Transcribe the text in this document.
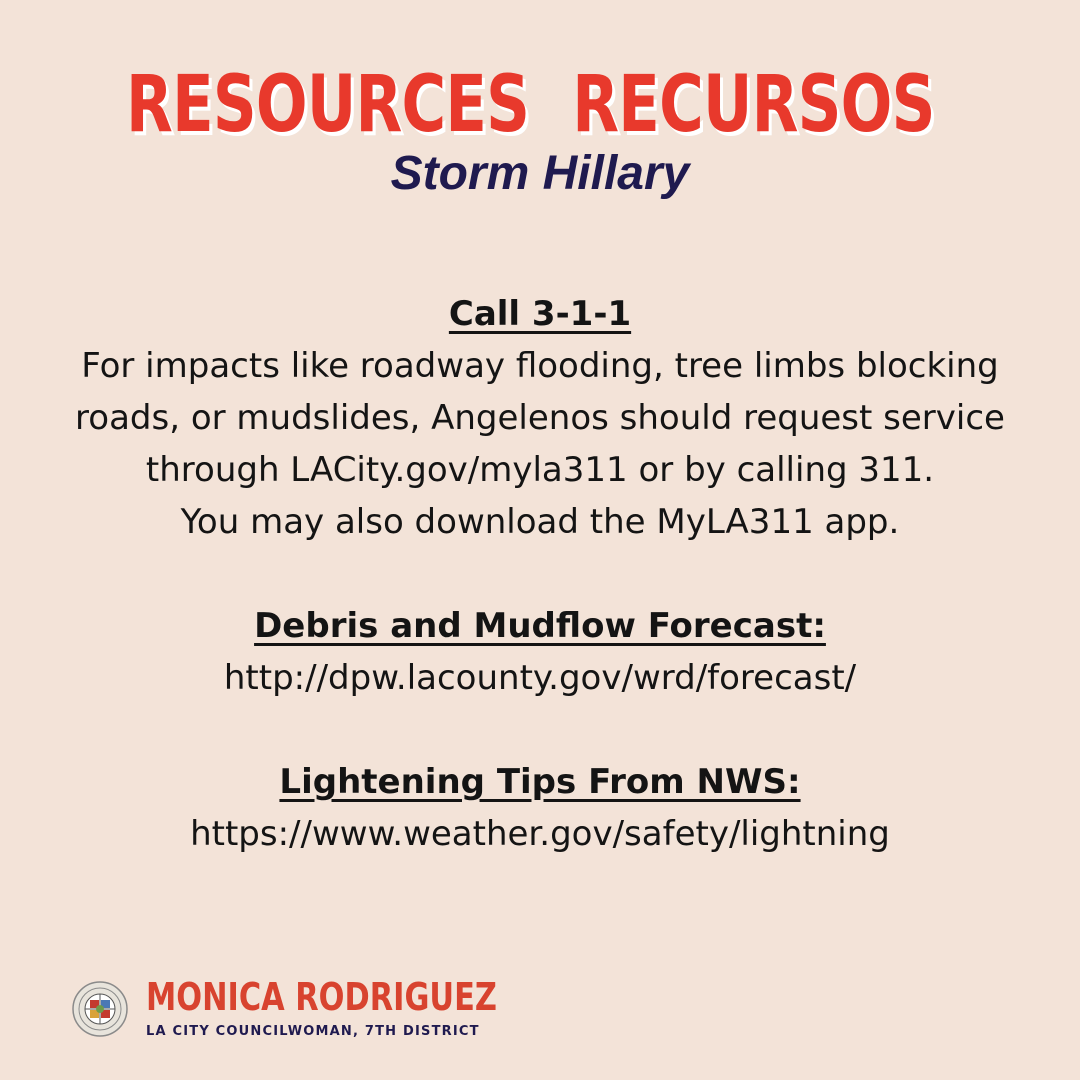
RESOURCES RECURSOS
Storm Hillary
Call 3-1-1
For impacts like roadway flooding, tree limbs blocking
roads, or mudslides, Angelenos should request service
through LACity.gov/myla311 or by calling 311.
You may also download the MyLA311 app.
Debris and Mudflow Forecast:
http://dpw.lacounty.gov/wrd/forecast/
Lightening Tips From NWS:
https://www.weather.gov/safety/lightning
MONICA RODRIGUEZ
LA CITY COUNCILWOMAN, 7TH DISTRICT
